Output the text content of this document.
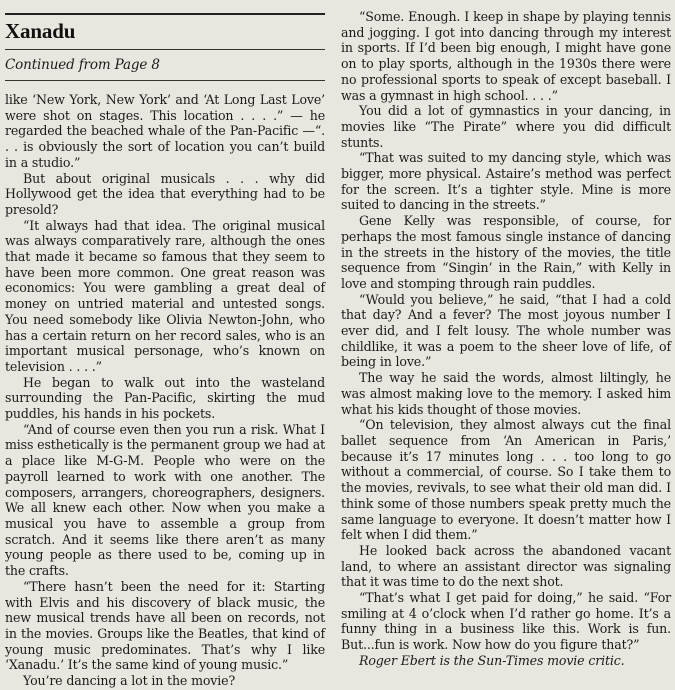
Xanadu
Continued from Page 8

like ‘New York, New York’ and ‘At Long Last Love’ were shot on stages. This location . . . .” — he regarded the beached whale of the Pan-Pacific —“. . . is obviously the sort of location you can’t build in a studio.”

But about original musicals . . . why did Hollywood get the idea that everything had to be presold?

“It always had that idea. The original musical was always comparatively rare, although the ones that made it became so famous that they seem to have been more common. One great reason was economics: You were gambling a great deal of money on untried material and untested songs. You need somebody like Olivia Newton-John, who has a certain return on her record sales, who is an important musical personage, who’s known on television . . . .”

He began to walk out into the wasteland surrounding the Pan-Pacific, skirting the mud puddles, his hands in his pockets.

“And of course even then you run a risk. What I miss esthetically is the permanent group we had at a place like M-G-M. People who were on the payroll learned to work with one another. The composers, arrangers, choreographers, designers. We all knew each other. Now when you make a musical you have to assemble a group from scratch. And it seems like there aren’t as many young people as there used to be, coming up in the crafts.

“There hasn’t been the need for it: Starting with Elvis and his discovery of black music, the new musical trends have all been on records, not in the movies. Groups like the Beatles, that kind of young music predominates. That’s why I like ‘Xanadu.’ It’s the same kind of young music.”

You’re dancing a lot in the movie?

“Some. Enough. I keep in shape by playing tennis and jogging. I got into dancing through my interest in sports. If I’d been big enough, I might have gone on to play sports, although in the 1930s there were no professional sports to speak of except baseball. I was a gymnast in high school. . . .”

You did a lot of gymnastics in your dancing, in movies like “The Pirate” where you did difficult stunts.

“That was suited to my dancing style, which was bigger, more physical. Astaire’s method was perfect for the screen. It’s a tighter style. Mine is more suited to dancing in the streets.”

Gene Kelly was responsible, of course, for perhaps the most famous single instance of dancing in the streets in the history of the movies, the title sequence from “Singin’ in the Rain,” with Kelly in love and stomping through rain puddles.

“Would you believe,” he said, “that I had a cold that day? And a fever? The most joyous number I ever did, and I felt lousy. The whole number was childlike, it was a poem to the sheer love of life, of being in love.”

The way he said the words, almost liltingly, he was almost making love to the memory. I asked him what his kids thought of those movies.

“On television, they almost always cut the final ballet sequence from ‘An American in Paris,’ because it’s 17 minutes long . . . too long to go without a commercial, of course. So I take them to the movies, revivals, to see what their old man did. I think some of those numbers speak pretty much the same language to everyone. It doesn’t matter how I felt when I did them.”

He looked back across the abandoned vacant land, to where an assistant director was signaling that it was time to do the next shot.

“That’s what I get paid for doing,” he said. “For smiling at 4 o’clock when I’d rather go home. It’s a funny thing in a business like this. Work is fun. But...fun is work. Now how do you figure that?”

Roger Ebert is the Sun-Times movie critic.
